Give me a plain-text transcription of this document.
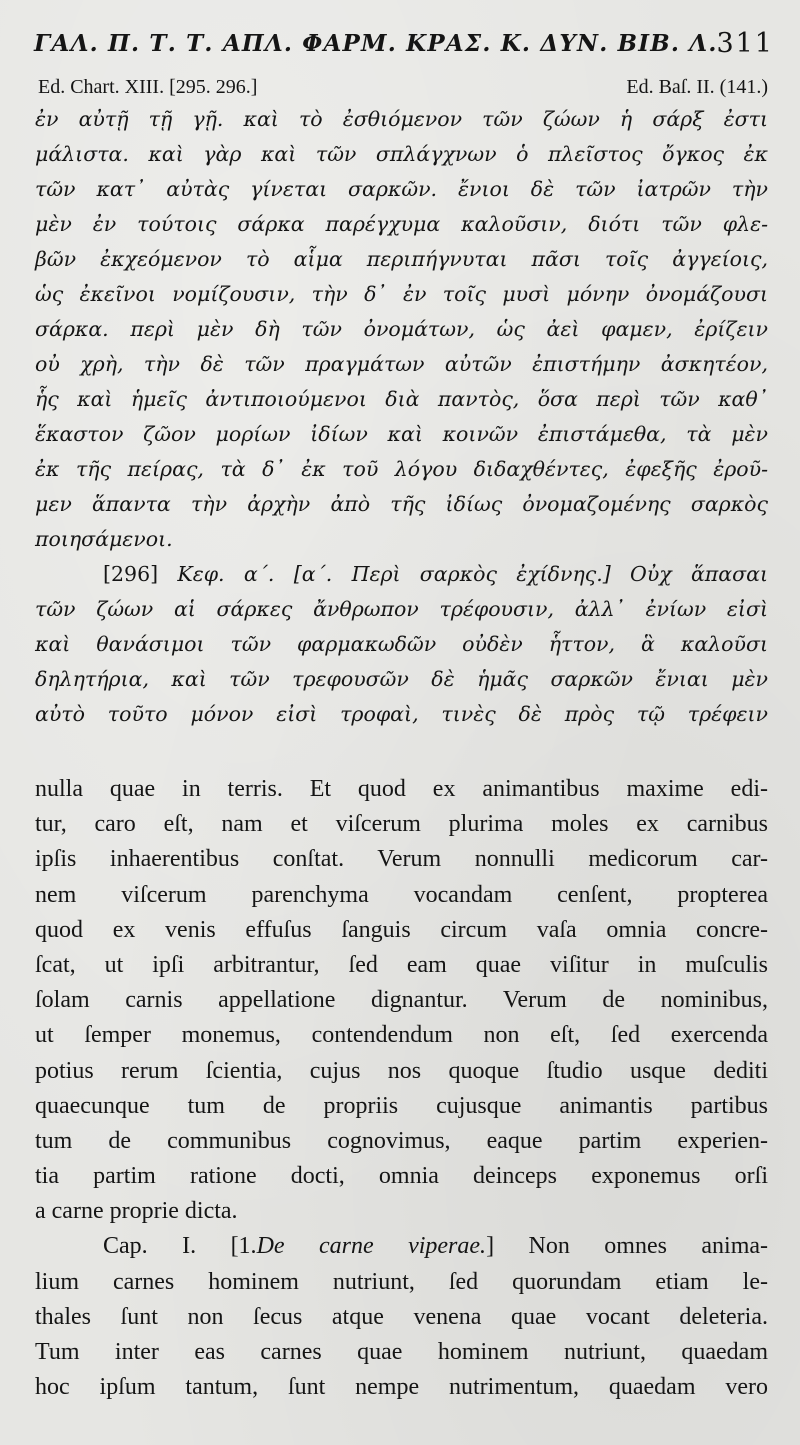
ΓΑΛ. Π. Τ. Τ. ΑΠΛ. ΦΑΡΜ. ΚΡΑΣ. Κ. ΔΥΝ. ΒΙΒ. Λ.
311
Ed. Chart. XIII. [295. 296.]	Ed. Baſ. II. (141.)
ἐν αὐτῇ τῇ γῇ. καὶ τὸ ἐσθιόμενον τῶν ζώων ἡ σάρξ ἐστι
μάλιστα. καὶ γὰρ καὶ τῶν σπλάγχνων ὁ πλεῖστος ὄγκος ἐκ
τῶν κατ᾽ αὐτὰς γίνεται σαρκῶν. ἔνιοι δὲ τῶν ἰατρῶν τὴν
μὲν ἐν τούτοις σάρκα παρέγχυμα καλοῦσιν, διότι τῶν φλε-
βῶν ἐκχεόμενον τὸ αἷμα περιπήγνυται πᾶσι τοῖς ἀγγείοις,
ὡς ἐκεῖνοι νομίζουσιν, τὴν δ᾽ ἐν τοῖς μυσὶ μόνην ὀνομάζουσι
σάρκα. περὶ μὲν δὴ τῶν ὀνομάτων, ὡς ἀεὶ φαμεν, ἐρίζειν
οὐ χρὴ, τὴν δὲ τῶν πραγμάτων αὐτῶν ἐπιστήμην ἀσκητέον,
ἧς καὶ ἡμεῖς ἀντιποιούμενοι διὰ παντὸς, ὅσα περὶ τῶν καθ᾽
ἕκαστον ζῶον μορίων ἰδίων καὶ κοινῶν ἐπιστάμεθα, τὰ μὲν
ἐκ τῆς πείρας, τὰ δ᾽ ἐκ τοῦ λόγου διδαχθέντες, ἐφεξῆς ἐροῦ-
μεν ἅπαντα τὴν ἀρχὴν ἀπὸ τῆς ἰδίως ὀνομαζομένης σαρκὸς
ποιησάμενοι.
[296] Κεφ. α΄. [α΄. Περὶ σαρκὸς ἐχίδνης.] Οὐχ ἅπασαι
τῶν ζώων αἱ σάρκες ἄνθρωπον τρέφουσιν, ἀλλ᾽ ἐνίων εἰσὶ
καὶ θανάσιμοι τῶν φαρμακωδῶν οὐδὲν ἧττον, ἃ καλοῦσι
δηλητήρια, καὶ τῶν τρεφουσῶν δὲ ἡμᾶς σαρκῶν ἔνιαι μὲν
αὐτὸ τοῦτο μόνον εἰσὶ τροφαὶ, τινὲς δὲ πρὸς τῷ τρέφειν
nulla quae in terris. Et quod ex animantibus maxime edi-
tur, caro eſt, nam et viſcerum plurima moles ex carnibus
ipſis inhaerentibus conſtat. Verum nonnulli medicorum car-
nem viſcerum parenchyma vocandam cenſent, propterea
quod ex venis effuſus ſanguis circum vaſa omnia concre-
ſcat, ut ipſi arbitrantur, ſed eam quae viſitur in muſculis
ſolam carnis appellatione dignantur. Verum de nominibus,
ut ſemper monemus, contendendum non eſt, ſed exercenda
potius rerum ſcientia, cujus nos quoque ſtudio usque dediti
quaecunque tum de propriis cujusque animantis partibus
tum de communibus cognovimus, eaque partim experien-
tia partim ratione docti, omnia deinceps exponemus orſi
a carne proprie dicta.
Cap. I. [1.De carne viperae.] Non omnes anima-
lium carnes hominem nutriunt, ſed quorundam etiam le-
thales ſunt non ſecus atque venena quae vocant deleteria.
Tum inter eas carnes quae hominem nutriunt, quaedam
hoc ipſum tantum, ſunt nempe nutrimentum, quaedam vero
